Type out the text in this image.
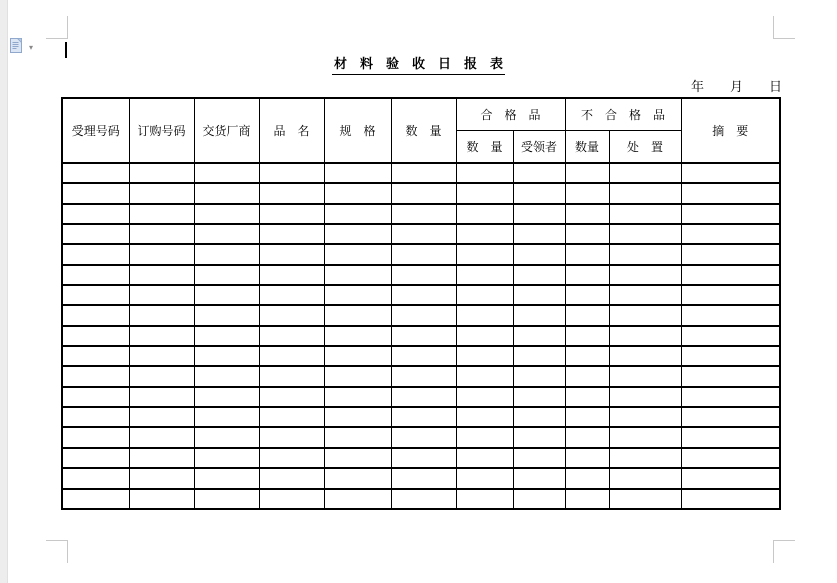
▾
材　料　验　收　日　报　表
年　　月　　日
受理号码	订购号码	交货厂商	品　名	规　格	数　量	合　格　品		不　合　格　品		摘　要
						数　量	受领者	数量	处　置	
